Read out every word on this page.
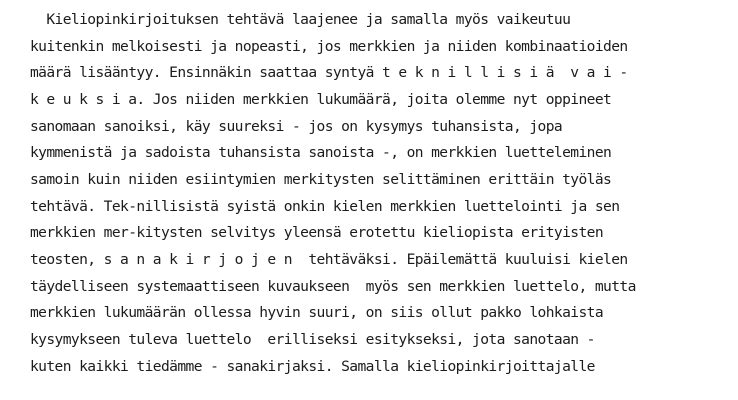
Kieliopinkirjoituksen tehtävä laajenee ja samalla myös vaikeutuu
kuitenkin melkoisesti ja nopeasti, jos merkkien ja niiden kombinaatioiden
määrä lisääntyy. Ensinnäkin saattaa syntyä t e k n i l l i s i ä  v a i -
k e u k s i a. Jos niiden merkkien lukumäärä, joita olemme nyt oppineet
sanomaan sanoiksi, käy suureksi - jos on kysymys tuhansista, jopa
kymmenistä ja sadoista tuhansista sanoista -, on merkkien luetteleminen
samoin kuin niiden esiintymien merkitysten selittäminen erittäin työläs
tehtävä. Tek-nillisistä syistä onkin kielen merkkien luettelointi ja sen
merkkien mer-kitysten selvitys yleensä erotettu kieliopista erityisten
teosten, s a n a k i r j o j e n  tehtäväksi. Epäilemättä kuuluisi kielen
täydelliseen systemaattiseen kuvaukseen  myös sen merkkien luettelo, mutta
merkkien lukumäärän ollessa hyvin suuri, on siis ollut pakko lohkaista
kysymykseen tuleva luettelo  erilliseksi esitykseksi, jota sanotaan -
kuten kaikki tiedämme - sanakirjaksi. Samalla kieliopinkirjoittajalle
